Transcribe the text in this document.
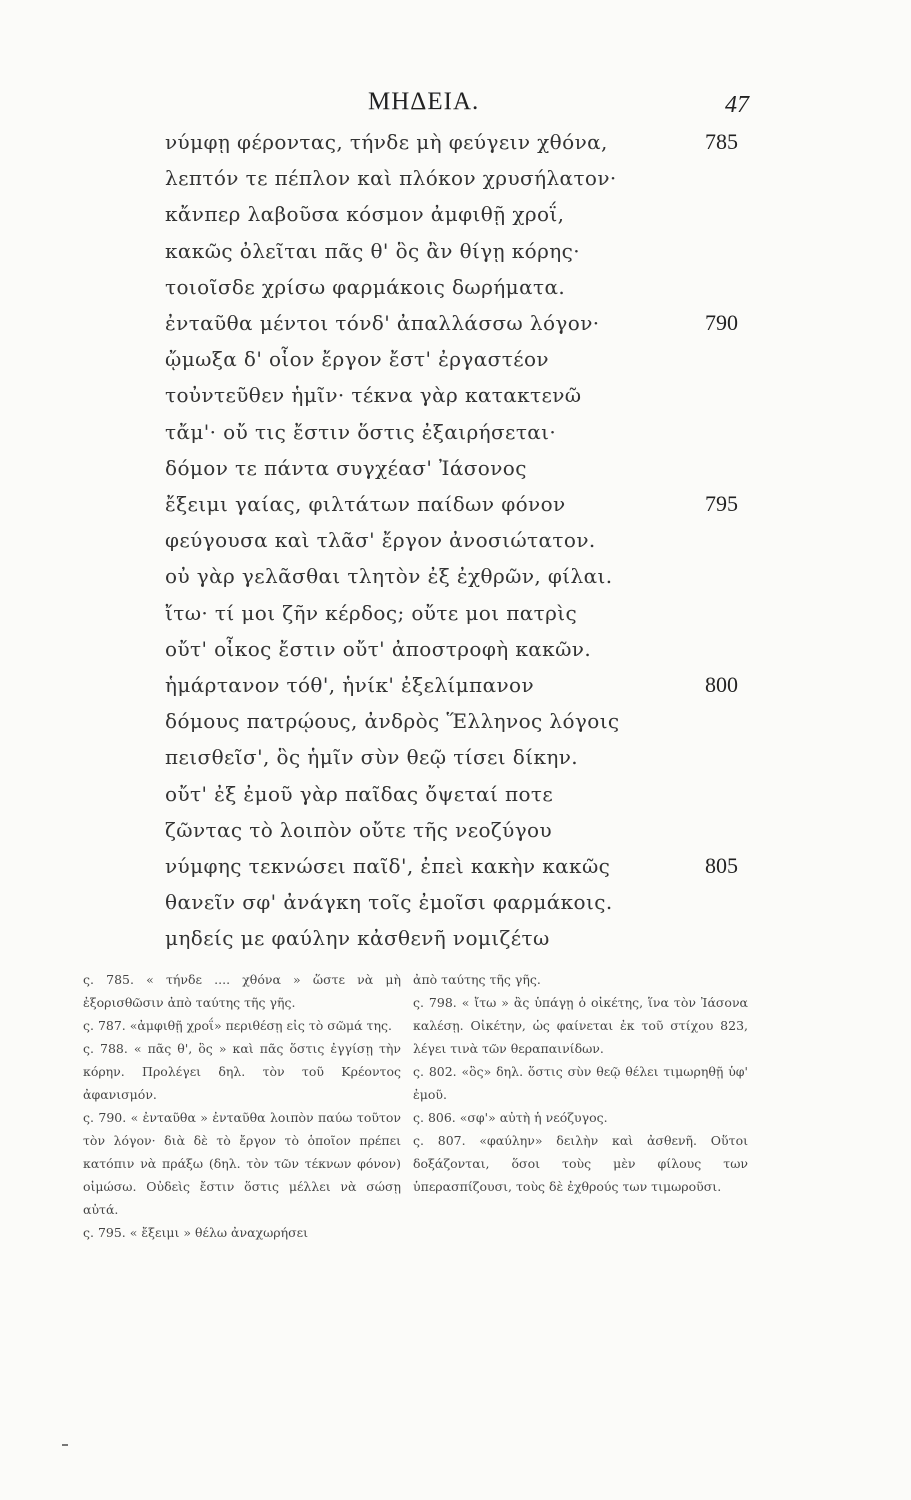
ΜΗΔΕΙΑ.	47
νύμφῃ φέροντας, τήνδε μὴ φεύγειν χθόνα,	785
λεπτόν τε πέπλον καὶ πλόκον χρυσήλατον·
κἄνπερ λαβοῦσα κόσμον ἀμφιθῇ χροΐ,
κακῶς ὀλεῖται πᾶς θ' ὃς ἂν θίγῃ κόρης·
τοιοῖσδε χρίσω φαρμάκοις δωρήματα.
ἐνταῦθα μέντοι τόνδ' ἀπαλλάσσω λόγον·	790
ᾤμωξα δ' οἷον ἔργον ἔστ' ἐργαστέον
τοὐντεῦθεν ἡμῖν· τέκνα γὰρ κατακτενῶ
τἄμ'· οὔ τις ἔστιν ὅστις ἐξαιρήσεται·
δόμον τε πάντα συγχέασ' Ἰάσονος
ἔξειμι γαίας, φιλτάτων παίδων φόνον	795
φεύγουσα καὶ τλᾶσ' ἔργον ἀνοσιώτατον.
οὐ γὰρ γελᾶσθαι τλητὸν ἐξ ἐχθρῶν, φίλαι.
ἴτω· τί μοι ζῆν κέρδος; οὔτε μοι πατρὶς
οὔτ' οἶκος ἔστιν οὔτ' ἀποστροφὴ κακῶν.
ἡμάρτανον τόθ', ἡνίκ' ἐξελίμπανον	800
δόμους πατρῴους, ἀνδρὸς Ἕλληνος λόγοις
πεισθεῖσ', ὃς ἡμῖν σὺν θεῷ τίσει δίκην.
οὔτ' ἐξ ἐμοῦ γὰρ παῖδας ὄψεταί ποτε
ζῶντας τὸ λοιπὸν οὔτε τῆς νεοζύγου
νύμφης τεκνώσει παῖδ', ἐπεὶ κακὴν κακῶς	805
θανεῖν σφ' ἀνάγκη τοῖς ἐμοῖσι φαρμάκοις.
μηδείς με φαύλην κἀσθενῆ νομιζέτω
ς. 785. « τήνδε .... χθόνα » ὥστε νὰ μὴ ἐξορισθῶσιν ἀπὸ ταύτης τῆς γῆς.
ς. 787. «ἀμφιθῇ χροΐ» περιθέσῃ εἰς τὸ σῶμά της.
ς. 788. « πᾶς θ', ὃς » καὶ πᾶς ὅστις ἐγγίσῃ τὴν κόρην. Προλέγει δηλ. τὸν τοῦ Κρέοντος ἀφανισμόν.
ς. 790. « ἐνταῦθα » ἐνταῦθα λοιπὸν παύω τοῦτον τὸν λόγον· διὰ δὲ τὸ ἔργον τὸ ὁποῖον πρέπει κατόπιν νὰ πράξω (δηλ. τὸν τῶν τέκνων φόνον) οἰμώσω. Οὐδεὶς ἔστιν ὅστις μέλλει νὰ σώσῃ αὐτά.
ς. 795. « ἔξειμι » θέλω ἀναχωρήσει
ἀπὸ ταύτης τῆς γῆς.
ς. 798. « ἴτω » ἂς ὑπάγῃ ὁ οἰκέτης, ἵνα τὸν Ἰάσονα καλέσῃ. Οἰκέτην, ὡς φαίνεται ἐκ τοῦ στίχου 823, λέγει τινὰ τῶν θεραπαινίδων.
ς. 802. «ὃς» δηλ. ὅστις σὺν θεῷ θέλει τιμωρηθῇ ὑφ' ἐμοῦ.
ς. 806. «σφ'» αὐτὴ ἡ νεόζυγος.
ς. 807. «φαύλην» δειλὴν καὶ ἀσθενῆ. Οὕτοι δοξάζονται, ὅσοι τοὺς μὲν φίλους των ὑπερασπίζουσι, τοὺς δὲ ἐχθρούς των τιμωροῦσι.
